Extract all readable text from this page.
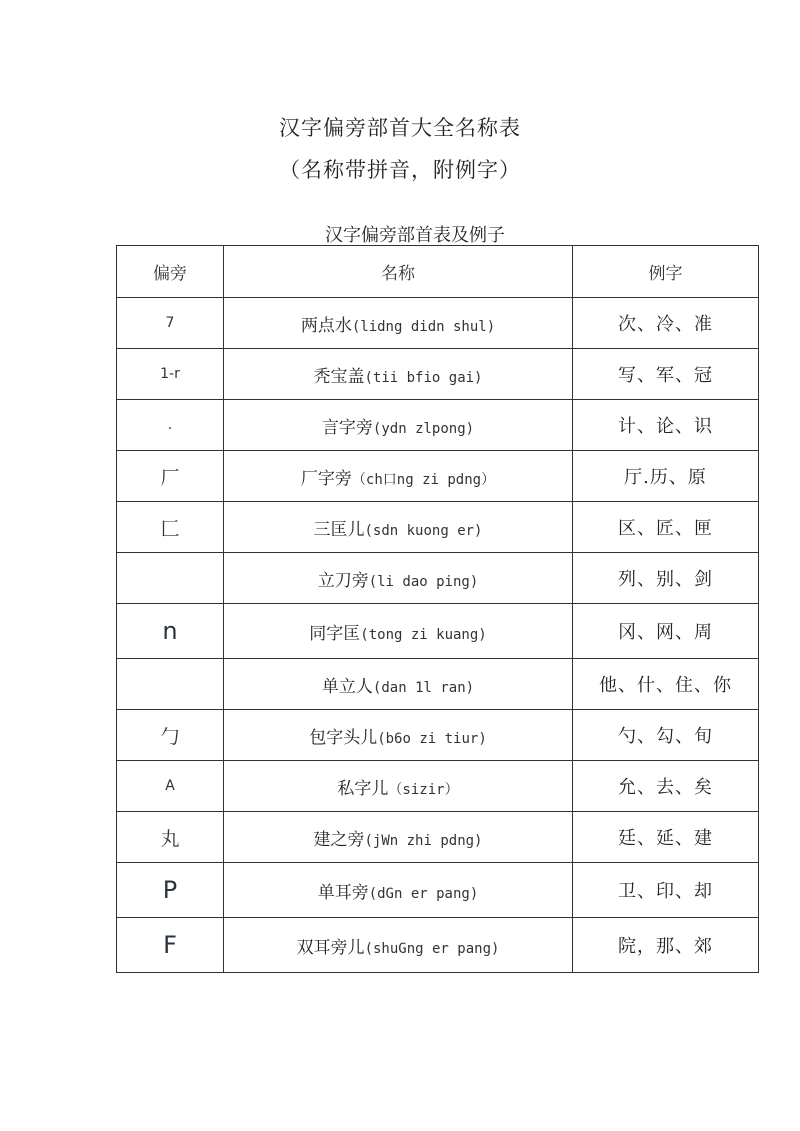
汉字偏旁部首大全名称表
（名称带拼音，附例字）
汉字偏旁部首表及例子
偏旁	名称	例字
7	两点水(lidng didn shul)	次、冷、准
1-r	秃宝盖(tii bfio gai)	写、军、冠
.	言字旁(ydn zlpong)	计、论、识
厂	厂字旁（ch口ng zi pdng）	厅.历、原
匚	三匡儿(sdn kuong er)	区、匠、匣
	立刀旁(li dao ping)	列、别、剑
n	同字匡(tong zi kuang)	冈、网、周
	单立人(dan 1l ran)	他、什、住、你
勹	包字头儿(b6o zi tiur)	勺、勾、旬
A	私字儿（sizir）	允、去、矣
丸	建之旁(jWn zhi pdng)	廷、延、建
P	单耳旁(dGn er pang)	卫、印、却
F	双耳旁儿(shuGng er pang)	院，那、郊
